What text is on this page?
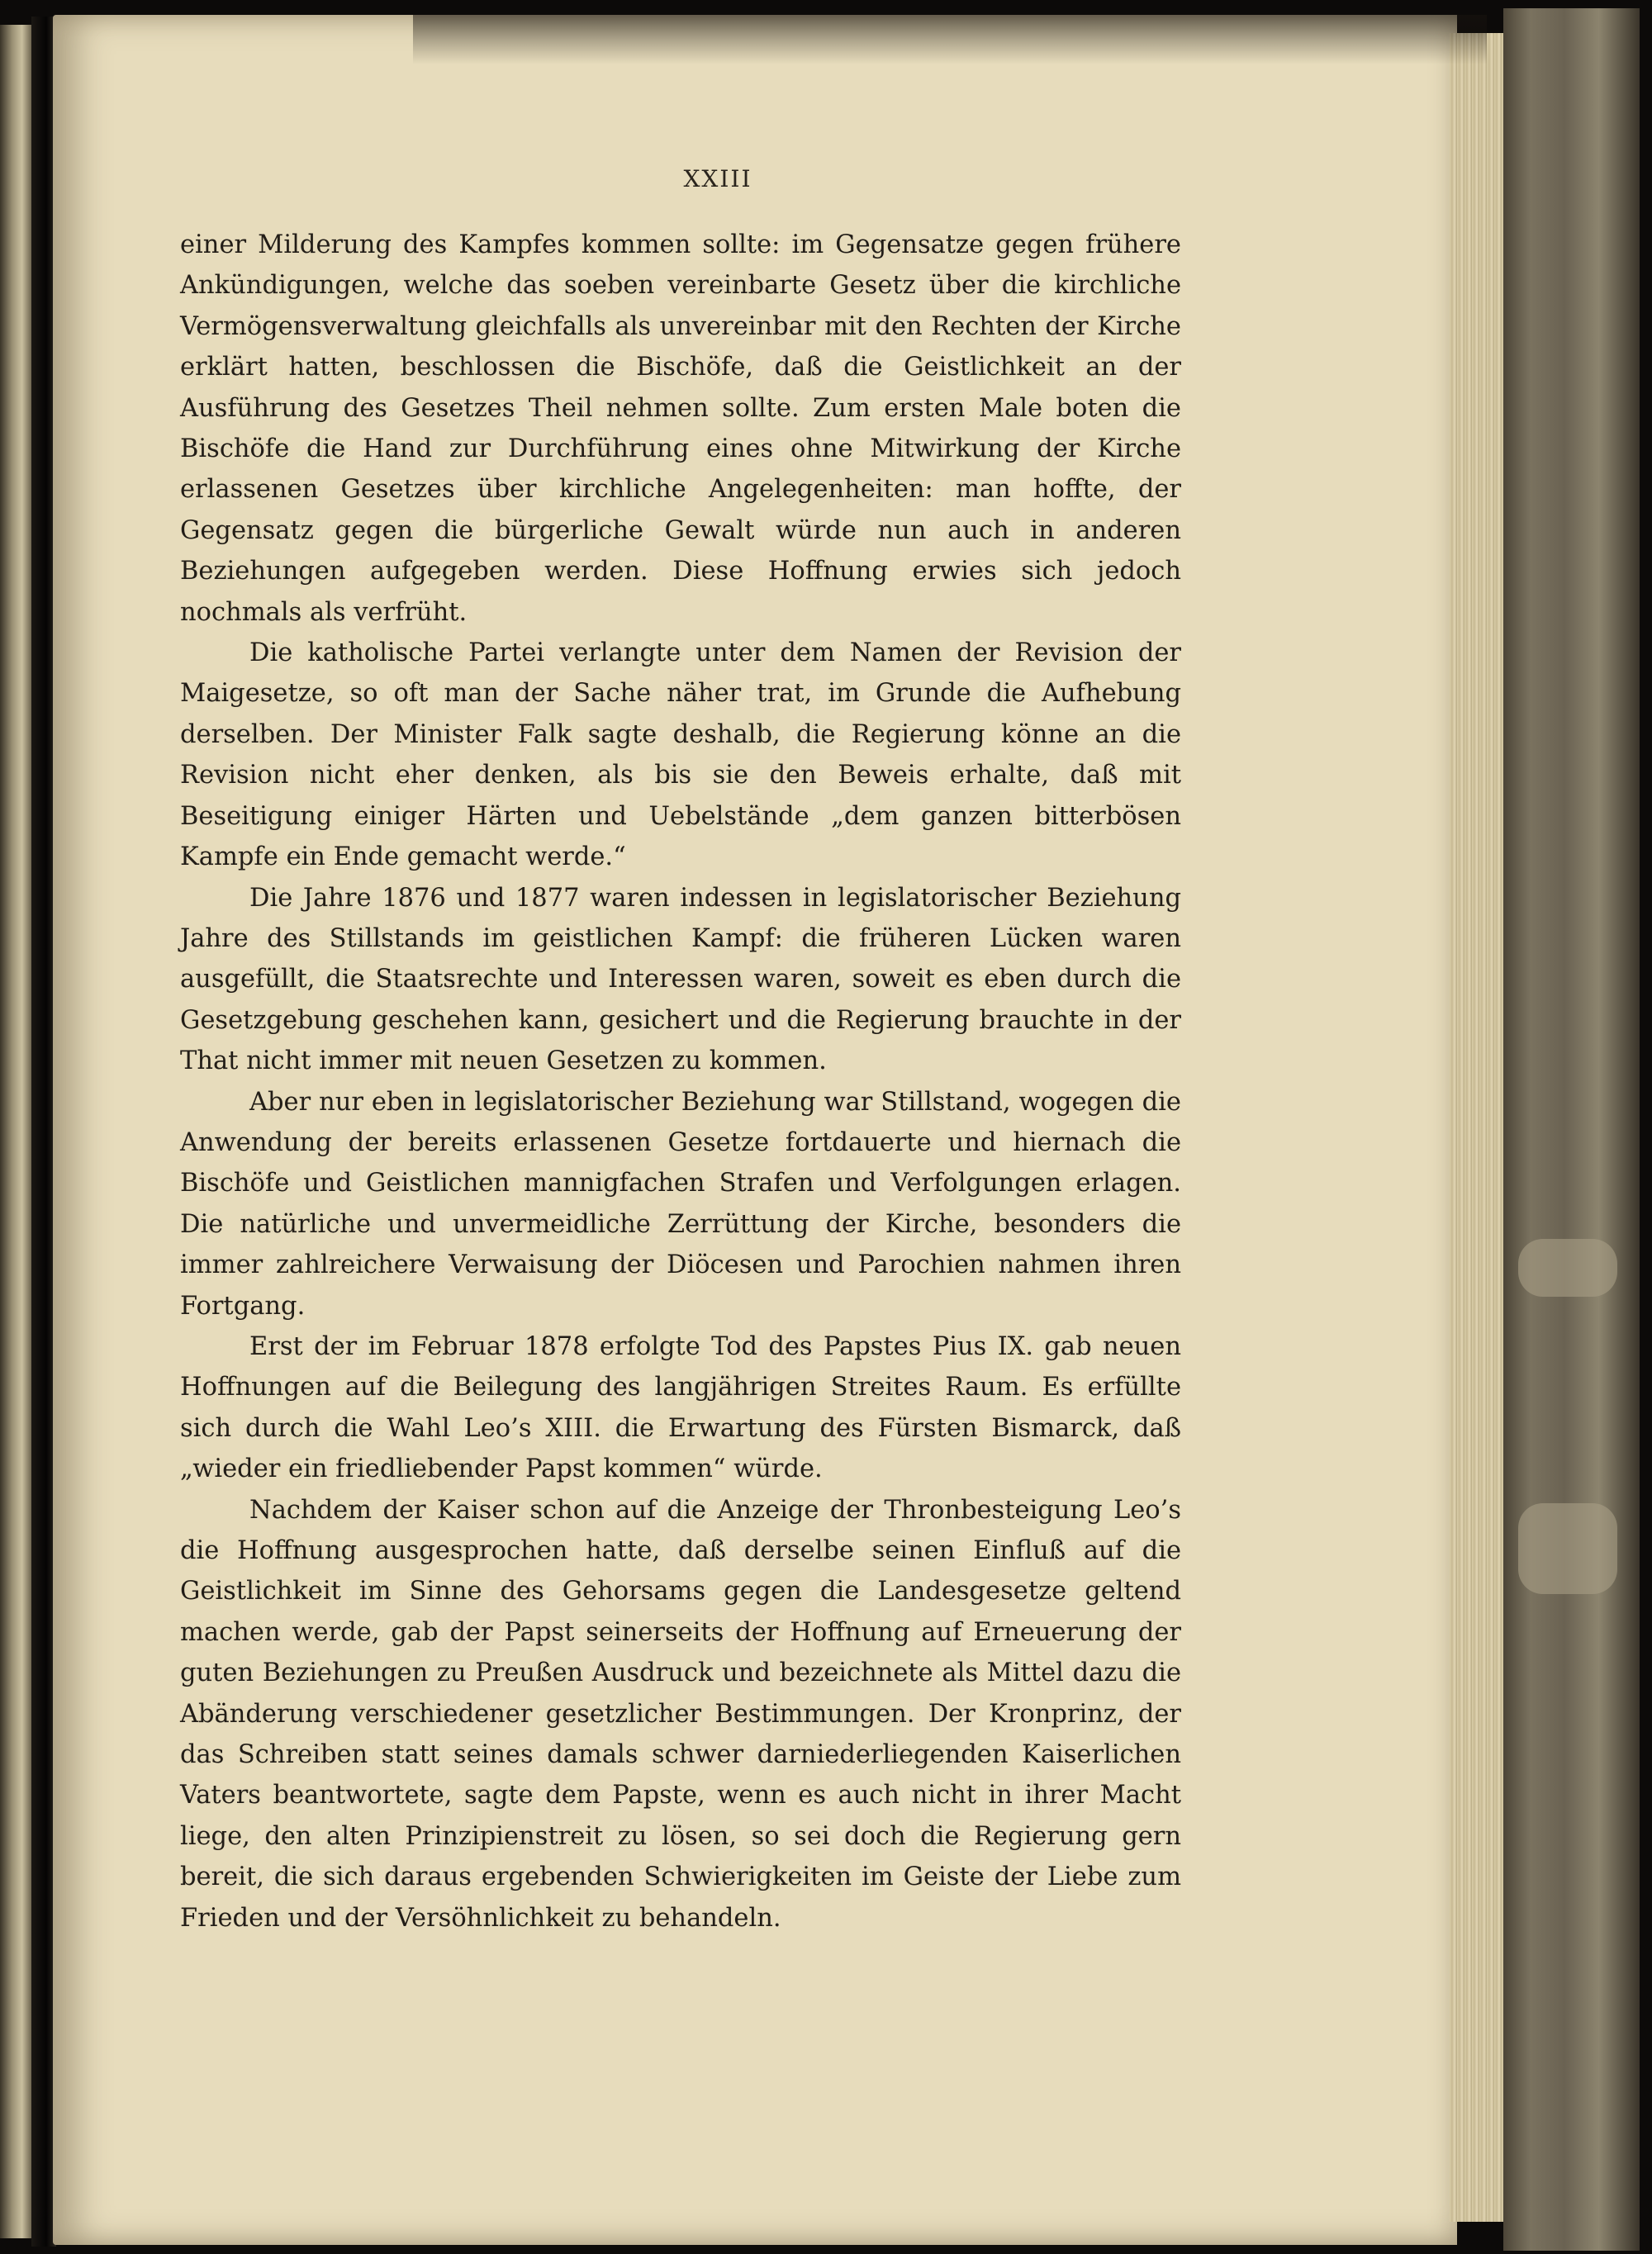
XXIII

einer Milderung des Kampfes kommen sollte: im Gegensatze gegen frühere Ankündigungen, welche das soeben vereinbarte Gesetz über die kirchliche Vermögensverwaltung gleichfalls als unvereinbar mit den Rechten der Kirche erklärt hatten, beschlossen die Bischöfe, daß die Geistlichkeit an der Ausführung des Gesetzes Theil nehmen sollte. Zum ersten Male boten die Bischöfe die Hand zur Durchführung eines ohne Mitwirkung der Kirche erlassenen Gesetzes über kirchliche Angelegenheiten: man hoffte, der Gegensatz gegen die bürgerliche Gewalt würde nun auch in anderen Beziehungen aufgegeben werden. Diese Hoffnung erwies sich jedoch nochmals als verfrüht.

Die katholische Partei verlangte unter dem Namen der Revision der Maigesetze, so oft man der Sache näher trat, im Grunde die Aufhebung derselben. Der Minister Falk sagte deshalb, die Regierung könne an die Revision nicht eher denken, als bis sie den Beweis erhalte, daß mit Beseitigung einiger Härten und Uebelstände „dem ganzen bitterbösen Kampfe ein Ende gemacht werde.“

Die Jahre 1876 und 1877 waren indessen in legislatorischer Beziehung Jahre des Stillstands im geistlichen Kampf: die früheren Lücken waren ausgefüllt, die Staatsrechte und Interessen waren, soweit es eben durch die Gesetzgebung geschehen kann, gesichert und die Regierung brauchte in der That nicht immer mit neuen Gesetzen zu kommen.

Aber nur eben in legislatorischer Beziehung war Stillstand, wogegen die Anwendung der bereits erlassenen Gesetze fortdauerte und hiernach die Bischöfe und Geistlichen mannigfachen Strafen und Verfolgungen erlagen. Die natürliche und unvermeidliche Zerrüttung der Kirche, besonders die immer zahlreichere Verwaisung der Diöcesen und Parochien nahmen ihren Fortgang.

Erst der im Februar 1878 erfolgte Tod des Papstes Pius IX. gab neuen Hoffnungen auf die Beilegung des langjährigen Streites Raum. Es erfüllte sich durch die Wahl Leo’s XIII. die Erwartung des Fürsten Bismarck, daß „wieder ein friedliebender Papst kommen“ würde.

Nachdem der Kaiser schon auf die Anzeige der Thronbesteigung Leo’s die Hoffnung ausgesprochen hatte, daß derselbe seinen Einfluß auf die Geistlichkeit im Sinne des Gehorsams gegen die Landesgesetze geltend machen werde, gab der Papst seinerseits der Hoffnung auf Erneuerung der guten Beziehungen zu Preußen Ausdruck und bezeichnete als Mittel dazu die Abänderung verschiedener gesetzlicher Bestimmungen. Der Kronprinz, der das Schreiben statt seines damals schwer darniederliegenden Kaiserlichen Vaters beantwortete, sagte dem Papste, wenn es auch nicht in ihrer Macht liege, den alten Prinzipienstreit zu lösen, so sei doch die Regierung gern bereit, die sich daraus ergebenden Schwierigkeiten im Geiste der Liebe zum Frieden und der Versöhnlichkeit zu behandeln.
